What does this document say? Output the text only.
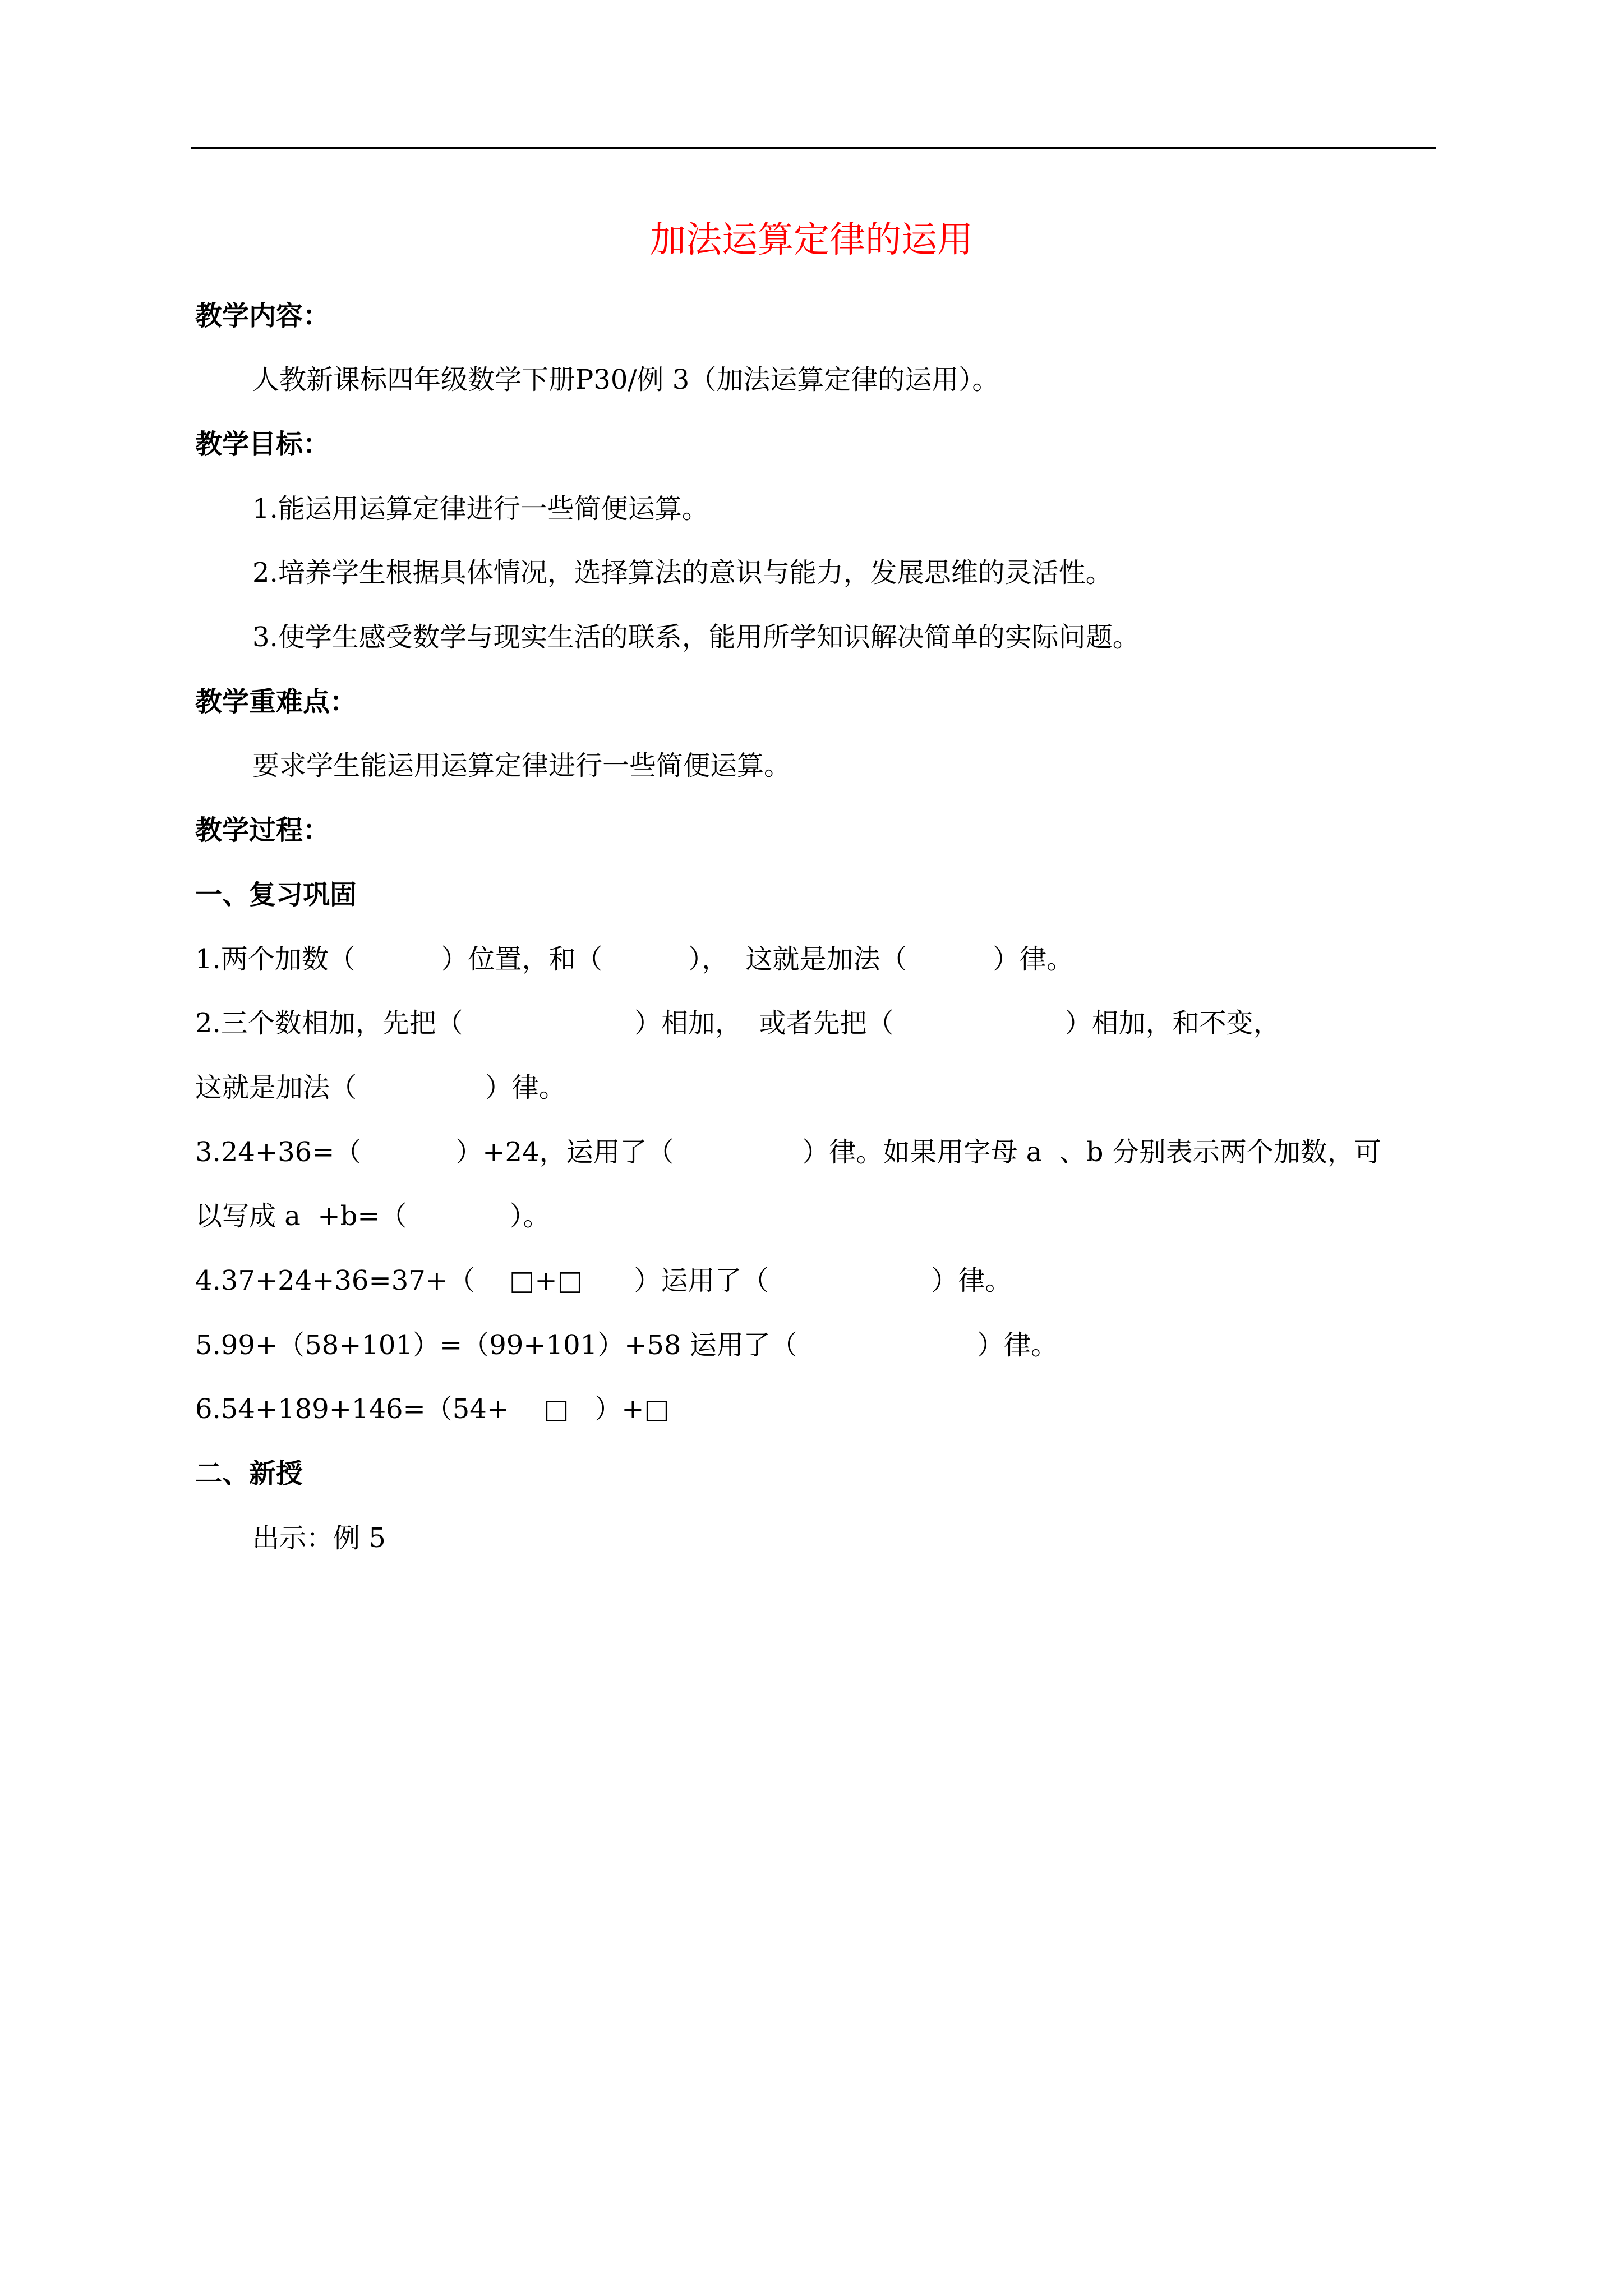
加法运算定律的运用
教学内容：
人教新课标四年级数学下册P30/例 3（加法运算定律的运用）。
教学目标：
1.能运用运算定律进行一些简便运算。
2.培养学生根据具体情况，选择算法的意识与能力，发展思维的灵活性。
3.使学生感受数学与现实生活的联系，能用所学知识解决简单的实际问题。
教学重难点：
要求学生能运用运算定律进行一些简便运算。
教学过程：
一、复习巩固
1.两个加数（          ）位置，和（          ），  这就是加法（          ）律。
2.三个数相加，先把（                    ）相加，  或者先把（                    ）相加，和不变，
这就是加法（               ）律。
3.24+36=（           ）+24，运用了（               ）律。如果用字母 a  、b 分别表示两个加数，可
以写成 a  +b=（            ）。
4.37+24+36=37+（    □+□      ）运用了（                   ）律。
5.99+（58+101）=（99+101）+58 运用了（                     ）律。
6.54+189+146=（54+    □   ）+□
二、新授
出示：例 5
